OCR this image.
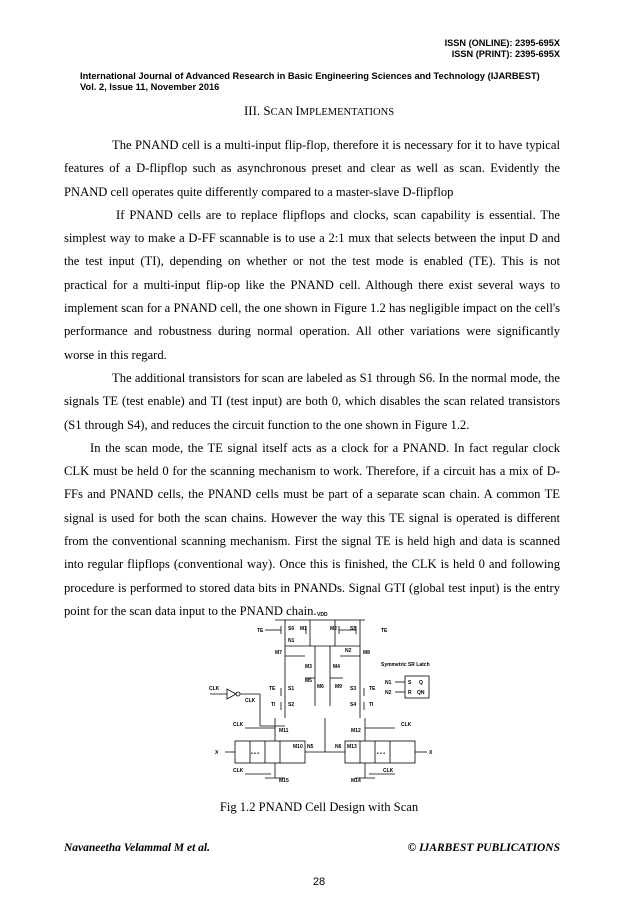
ISSN (ONLINE): 2395-695X
ISSN (PRINT): 2395-695X
International Journal of Advanced Research in Basic Engineering Sciences and Technology (IJARBEST)
Vol. 2, Issue 11, November 2016
III. SCAN IMPLEMENTATIONS

The PNAND cell is a multi-input flip-flop, therefore it is necessary for it to have typical features of a D-flipflop such as asynchronous preset and clear as well as scan. Evidently the PNAND cell operates quite differently compared to a master-slave D-flipflop

If PNAND cells are to replace flipflops and clocks, scan capability is essential. The simplest way to make a D-FF scannable is to use a 2:1 mux that selects between the input D and the test input (TI), depending on whether or not the test mode is enabled (TE). This is not practical for a multi-input flip-op like the PNAND cell. Although there exist several ways to implement scan for a PNAND cell, the one shown in Figure 1.2 has negligible impact on the cell's performance and robustness during normal operation. All other variations were significantly worse in this regard.

The additional transistors for scan are labeled as S1 through S6. In the normal mode, the signals TE (test enable) and TI (test input) are both 0, which disables the scan related transistors (S1 through S4), and reduces the circuit function to the one shown in Figure 1.2.

In the scan mode, the TE signal itself acts as a clock for a PNAND. In fact regular clock CLK must be held 0 for the scanning mechanism to work. Therefore, if a circuit has a mix of D-FFs and PNAND cells, the PNAND cells must be part of a separate scan chain. A common TE signal is used for both the scan chains. However the way this TE signal is operated is different from the conventional scanning mechanism. First the signal TE is held high and data is scanned into regular flipflops (conventional way). Once this is finished, the CLK is held 0 and following procedure is performed to stored data bits in PNANDs. Signal GTI (global test input) is the entry point for the scan data input to the PNAND chain. VDD
TE	TE
S6	S5
M1	M2
N1
N2
M7	M8
M3	M4
M5
M6 M9
S1
S2
S3
S4
TE
TI
TE
TI
CLK
CLK
Symmetric SR Latch
N1
N2
S
R
Q
QN
M11	M12
CLK	CLK
N5	N6
M10	M13
M14
M15
CLK
CLK
X	X
• • •	• • •
Fig 1.2 PNAND Cell Design with Scan
Navaneetha Velammal M et al.	© IJARBEST PUBLICATIONS
28
